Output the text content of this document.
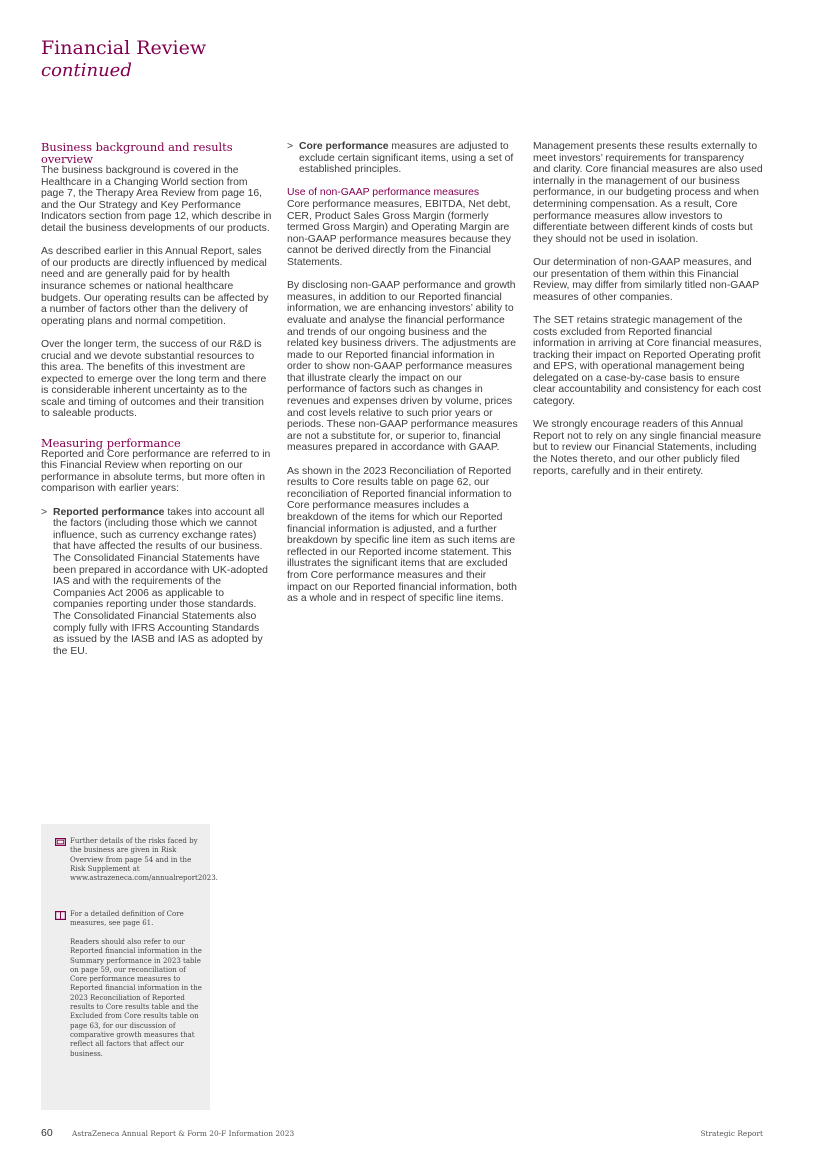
Financial Review
continued
Business background and results overview

The business background is covered in the Healthcare in a Changing World section from page 7, the Therapy Area Review from page 16, and the Our Strategy and Key Performance Indicators section from page 12, which describe in detail the business developments of our products.

As described earlier in this Annual Report, sales of our products are directly influenced by medical need and are generally paid for by health insurance schemes or national healthcare budgets. Our operating results can be affected by a number of factors other than the delivery of operating plans and normal competition.

Over the longer term, the success of our R&D is crucial and we devote substantial resources to this area. The benefits of this investment are expected to emerge over the long term and there is considerable inherent uncertainty as to the scale and timing of outcomes and their transition to saleable products.

Measuring performance

Reported and Core performance are referred to in this Financial Review when reporting on our performance in absolute terms, but more often in comparison with earlier years:

> Reported performance takes into account all the factors (including those which we cannot influence, such as currency exchange rates) that have affected the results of our business. The Consolidated Financial Statements have been prepared in accordance with UK-adopted IAS and with the requirements of the Companies Act 2006 as applicable to companies reporting under those standards. The Consolidated Financial Statements also comply fully with IFRS Accounting Standards as issued by the IASB and IAS as adopted by the EU.
> Core performance measures are adjusted to exclude certain significant items, using a set of established principles.
Use of non-GAAP performance measures

Core performance measures, EBITDA, Net debt, CER, Product Sales Gross Margin (formerly termed Gross Margin) and Operating Margin are non-GAAP performance measures because they cannot be derived directly from the Financial Statements.

By disclosing non-GAAP performance and growth measures, in addition to our Reported financial information, we are enhancing investors’ ability to evaluate and analyse the financial performance and trends of our ongoing business and the related key business drivers. The adjustments are made to our Reported financial information in order to show non-GAAP performance measures that illustrate clearly the impact on our performance of factors such as changes in revenues and expenses driven by volume, prices and cost levels relative to such prior years or periods. These non-GAAP performance measures are not a substitute for, or superior to, financial measures prepared in accordance with GAAP.

As shown in the 2023 Reconciliation of Reported results to Core results table on page 62, our reconciliation of Reported financial information to Core performance measures includes a breakdown of the items for which our Reported financial information is adjusted, and a further breakdown by specific line item as such items are reflected in our Reported income statement. This illustrates the significant items that are excluded from Core performance measures and their impact on our Reported financial information, both as a whole and in respect of specific line items.

Management presents these results externally to meet investors’ requirements for transparency and clarity. Core financial measures are also used internally in the management of our business performance, in our budgeting process and when determining compensation. As a result, Core performance measures allow investors to differentiate between different kinds of costs but they should not be used in isolation.

Our determination of non-GAAP measures, and our presentation of them within this Financial Review, may differ from similarly titled non-GAAP measures of other companies.

The SET retains strategic management of the costs excluded from Reported financial information in arriving at Core financial measures, tracking their impact on Reported Operating profit and EPS, with operational management being delegated on a case-by-case basis to ensure clear accountability and consistency for each cost category.

We strongly encourage readers of this Annual Report not to rely on any single financial measure but to review our Financial Statements, including the Notes thereto, and our other publicly filed reports, carefully and in their entirety.

Further details of the risks faced by the business are given in Risk Overview from page 54 and in the Risk Supplement at www.astrazeneca.com/annualreport2023.
For a detailed definition of Core measures, see page 61.
Readers should also refer to our Reported financial information in the Summary performance in 2023 table on page 59, our reconciliation of Core performance measures to Reported financial information in the 2023 Reconciliation of Reported results to Core results table and the Excluded from Core results table on page 63, for our discussion of comparative growth measures that reflect all factors that affect our business.
60	AstraZeneca Annual Report & Form 20-F Information 2023	Strategic Report
